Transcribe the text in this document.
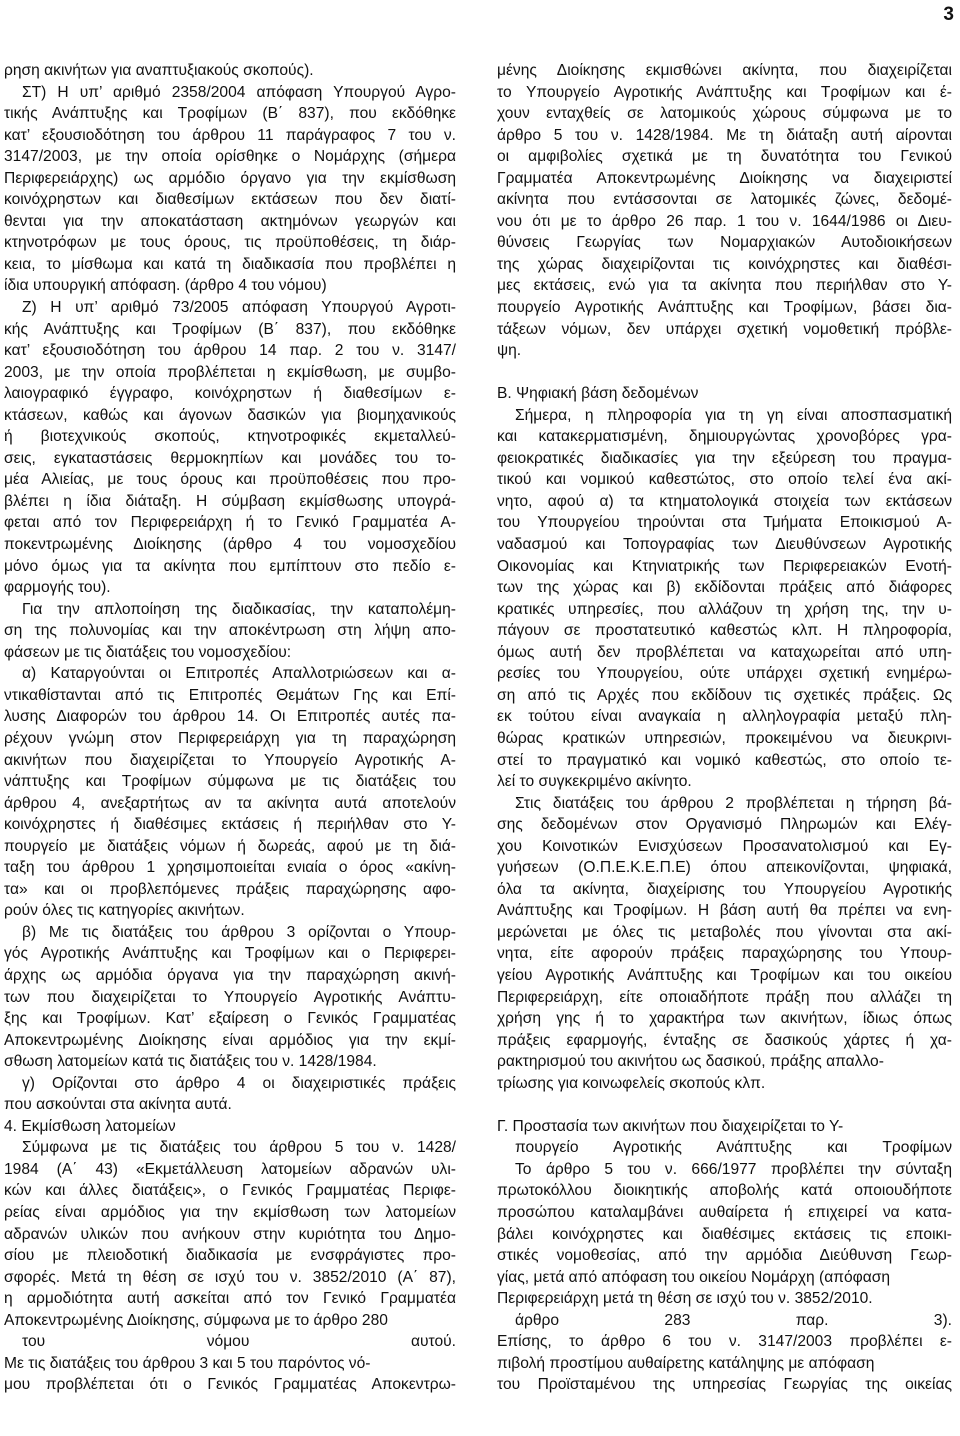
3
ρηση ακινήτων για αναπτυξιακούς σκοπούς).
ΣΤ) Η υπ’ αριθμό 2358/2004 απόφαση Υπουργού Αγρο-
τικής Ανάπτυξης και Τροφίμων (Β΄ 837), που εκδόθηκε
κατ’ εξουσιοδότηση του άρθρου 11 παράγραφος 7 του ν.
3147/2003, με την οποία ορίσθηκε ο Νομάρχης (σήμερα
Περιφερειάρχης) ως αρμόδιο όργανο για την εκμίσθωση
κοινόχρηστων και διαθεσίμων εκτάσεων που δεν διατί-
θενται για την αποκατάσταση ακτημόνων γεωργών και
κτηνοτρόφων με τους όρους, τις προϋποθέσεις, τη διάρ-
κεια, το μίσθωμα και κατά τη διαδικασία που προβλέπει η
ίδια υπουργική απόφαση. (άρθρο 4 του νόμου)
Ζ) Η υπ’ αριθμό 73/2005 απόφαση Υπουργού Αγροτι-
κής Ανάπτυξης και Τροφίμων (Β΄ 837), που εκδόθηκε
κατ’ εξουσιοδότηση του άρθρου 14 παρ. 2 του ν. 3147/
2003, με την οποία προβλέπεται η εκμίσθωση, με συμβο-
λαιογραφικό έγγραφο, κοινόχρηστων ή διαθεσίμων ε-
κτάσεων, καθώς και άγονων δασικών για βιομηχανικούς
ή βιοτεχνικούς σκοπούς, κτηνοτροφικές εκμεταλλεύ-
σεις, εγκαταστάσεις θερμοκηπίων και μονάδες του το-
μέα Αλιείας, με τους όρους και προϋποθέσεις που προ-
βλέπει η ίδια διάταξη. Η σύμβαση εκμίσθωσης υπογρά-
φεται από τον Περιφερειάρχη ή το Γενικό Γραμματέα Α-
ποκεντρωμένης Διοίκησης (άρθρο 4 του νομοσχεδίου
μόνο όμως για τα ακίνητα που εμπίπτουν στο πεδίο ε-
φαρμογής του).
Για την απλοποίηση της διαδικασίας, την καταπολέμη-
ση της πολυνομίας και την αποκέντρωση στη λήψη απο-
φάσεων με τις διατάξεις του νομοσχεδίου:
α) Καταργούνται οι Επιτροπές Απαλλοτριώσεων και α-
ντικαθίστανται από τις Επιτροπές Θεμάτων Γης και Επί-
λυσης Διαφορών του άρθρου 14. Οι Επιτροπές αυτές πα-
ρέχουν γνώμη στον Περιφερειάρχη για τη παραχώρηση
ακινήτων που διαχειρίζεται το Υπουργείο Αγροτικής Α-
νάπτυξης και Τροφίμων σύμφωνα με τις διατάξεις του
άρθρου 4, ανεξαρτήτως αν τα ακίνητα αυτά αποτελούν
κοινόχρηστες ή διαθέσιμες εκτάσεις ή περιήλθαν στο Υ-
πουργείο με διατάξεις νόμων ή δωρεάς, αφού με τη διά-
ταξη του άρθρου 1 χρησιμοποιείται ενιαία ο όρος «ακίνη-
τα» και οι προβλεπόμενες πράξεις παραχώρησης αφο-
ρούν όλες τις κατηγορίες ακινήτων.
β) Με τις διατάξεις του άρθρου 3 ορίζονται ο Υπουρ-
γός Αγροτικής Ανάπτυξης και Τροφίμων και ο Περιφερει-
άρχης ως αρμόδια όργανα για την παραχώρηση ακινή-
των που διαχειρίζεται το Υπουργείο Αγροτικής Ανάπτυ-
ξης και Τροφίμων. Κατ’ εξαίρεση ο Γενικός Γραμματέας
Αποκεντρωμένης Διοίκησης είναι αρμόδιος για την εκμί-
σθωση λατομείων κατά τις διατάξεις του ν. 1428/1984.
γ) Ορίζονται στο άρθρο 4 οι διαχειριστικές πράξεις
που ασκούνται στα ακίνητα αυτά.
4. Εκμίσθωση λατομείων
Σύμφωνα με τις διατάξεις του άρθρου 5 του ν. 1428/
1984 (Α΄ 43) «Εκμετάλλευση λατομείων αδρανών υλι-
κών και άλλες διατάξεις», ο Γενικός Γραμματέας Περιφε-
ρείας είναι αρμόδιος για την εκμίσθωση των λατομείων
αδρανών υλικών που ανήκουν στην κυριότητα του Δημο-
σίου με πλειοδοτική διαδικασία με ενσφράγιστες προ-
σφορές. Μετά τη θέση σε ισχύ του ν. 3852/2010 (Α΄ 87),
η αρμοδιότητα αυτή ασκείται από τον Γενικό Γραμματέα
Αποκεντρωμένης Διοίκησης, σύμφωνα με το άρθρο 280
του νόμου αυτού.
Με τις διατάξεις του άρθρου 3 και 5 του παρόντος νό-
μου προβλέπεται ότι ο Γενικός Γραμματέας Αποκεντρω-
μένης Διοίκησης εκμισθώνει ακίνητα, που διαχειρίζεται
το Υπουργείο Αγροτικής Ανάπτυξης και Τροφίμων και έ-
χουν ενταχθείς σε λατομικούς χώρους σύμφωνα με το
άρθρο 5 του ν. 1428/1984. Με τη διάταξη αυτή αίρονται
οι αμφιβολίες σχετικά με τη δυνατότητα του Γενικού
Γραμματέα Αποκεντρωμένης Διοίκησης να διαχειριστεί
ακίνητα που εντάσσονται σε λατομικές ζώνες, δεδομέ-
νου ότι με το άρθρο 26 παρ. 1 του ν. 1644/1986 οι Διευ-
θύνσεις Γεωργίας των Νομαρχιακών Αυτοδιοικήσεων
της χώρας διαχειρίζονται τις κοινόχρηστες και διαθέσι-
μες εκτάσεις, ενώ για τα ακίνητα που περιήλθαν στο Υ-
πουργείο Αγροτικής Ανάπτυξης και Τροφίμων, βάσει δια-
τάξεων νόμων, δεν υπάρχει σχετική νομοθετική πρόβλε-
ψη.
Β. Ψηφιακή βάση δεδομένων
Σήμερα, η πληροφορία για τη γη είναι αποσπασματική
και κατακερματισμένη, δημιουργώντας χρονοβόρες γρα-
φειοκρατικές διαδικασίες για την εξεύρεση του πραγμα-
τικού και νομικού καθεστώτος, στο οποίο τελεί ένα ακί-
νητο, αφού α) τα κτηματολογικά στοιχεία των εκτάσεων
του Υπουργείου τηρούνται στα Τμήματα Εποικισμού Α-
ναδασμού και Τοπογραφίας των Διευθύνσεων Αγροτικής
Οικονομίας και Κτηνιατρικής των Περιφερειακών Ενοτή-
των της χώρας και β) εκδίδονται πράξεις από διάφορες
κρατικές υπηρεσίες, που αλλάζουν τη χρήση της, την υ-
πάγουν σε προστατευτικό καθεστώς κλπ. Η πληροφορία,
όμως αυτή δεν προβλέπεται να καταχωρείται από υπη-
ρεσίες του Υπουργείου, ούτε υπάρχει σχετική ενημέρω-
ση από τις Αρχές που εκδίδουν τις σχετικές πράξεις. Ως
εκ τούτου είναι αναγκαία η αλληλογραφία μεταξύ πλη-
θώρας κρατικών υπηρεσιών, προκειμένου να διευκρινι-
στεί το πραγματικό και νομικό καθεστώς, στο οποίο τε-
λεί το συγκεκριμένο ακίνητο.
Στις διατάξεις του άρθρου 2 προβλέπεται η τήρηση βά-
σης δεδομένων στον Οργανισμό Πληρωμών και Ελέγ-
χου Κοινοτικών Ενισχύσεων Προσανατολισμού και Εγ-
γυήσεων (Ο.Π.Ε.Κ.Ε.Π.Ε) όπου απεικονίζονται, ψηφιακά,
όλα τα ακίνητα, διαχείρισης του Υπουργείου Αγροτικής
Ανάπτυξης και Τροφίμων. Η βάση αυτή θα πρέπει να ενη-
μερώνεται με όλες τις μεταβολές που γίνονται στα ακί-
νητα, είτε αφορούν πράξεις παραχώρησης του Υπουρ-
γείου Αγροτικής Ανάπτυξης και Τροφίμων και του οικείου
Περιφερειάρχη, είτε οποιαδήποτε πράξη που αλλάζει τη
χρήση γης ή το χαρακτήρα των ακινήτων, ίδιως όπως
πράξεις εφαρμογής, ένταξης σε δασικούς χάρτες ή χα-
ρακτηρισμού του ακινήτου ως δασικού, πράξης απαλλο-
τρίωσης για κοινωφελείς σκοπούς κλπ.
Γ. Προστασία των ακινήτων που διαχειρίζεται το Υ-
πουργείο Αγροτικής Ανάπτυξης και Τροφίμων
Το άρθρο 5 του ν. 666/1977 προβλέπει την σύνταξη
πρωτοκόλλου διοικητικής αποβολής κατά οποιουδήποτε
προσώπου καταλαμβάνει αυθαίρετα ή επιχειρεί να κατα-
βάλει κοινόχρηστες και διαθέσιμες εκτάσεις τις εποικι-
στικές νομοθεσίας, από την αρμόδια Διεύθυνση Γεωρ-
γίας, μετά από απόφαση του οικείου Νομάρχη (απόφαση
Περιφερειάρχη μετά τη θέση σε ισχύ του ν. 3852/2010.
άρθρο 283 παρ. 3).
Επίσης, το άρθρο 6 του ν. 3147/2003 προβλέπει ε-
πιβολή προστίμου αυθαίρετης κατάληψης με απόφαση
του Προϊσταμένου της υπηρεσίας Γεωργίας της οικείας
